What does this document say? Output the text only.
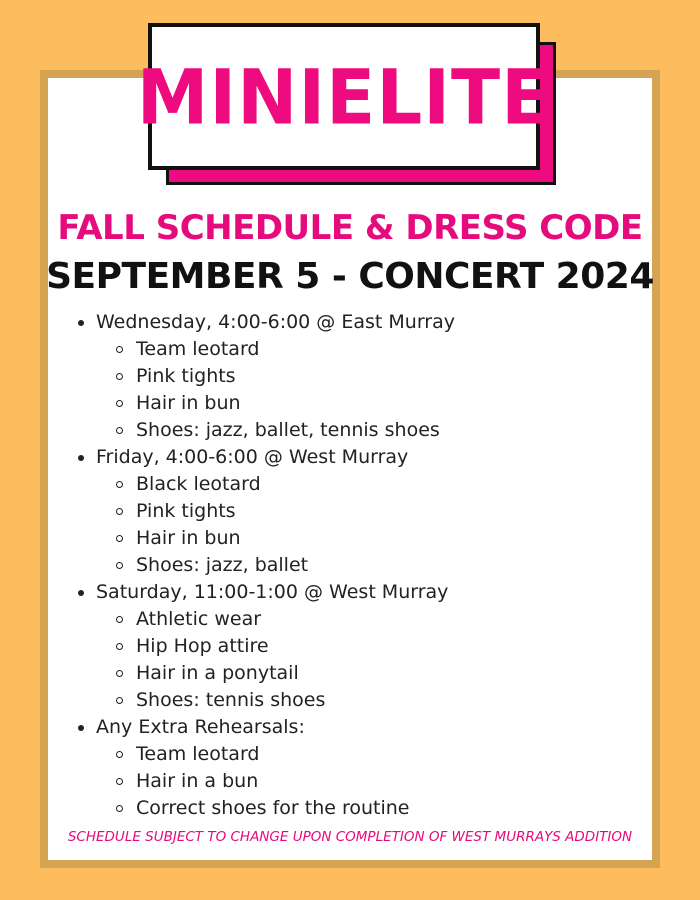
MINIELITE
FALL SCHEDULE & DRESS CODE
SEPTEMBER 5 - CONCERT 2024
Wednesday, 4:00-6:00 @ East Murray
Team leotard
Pink tights
Hair in bun
Shoes: jazz, ballet, tennis shoes
Friday, 4:00-6:00 @ West Murray
Black leotard
Pink tights
Hair in bun
Shoes: jazz, ballet
Saturday, 11:00-1:00 @ West Murray
Athletic wear
Hip Hop attire
Hair in a ponytail
Shoes: tennis shoes
Any Extra Rehearsals:
Team leotard
Hair in a bun
Correct shoes for the routine
SCHEDULE SUBJECT TO CHANGE UPON COMPLETION OF WEST MURRAYS ADDITION
